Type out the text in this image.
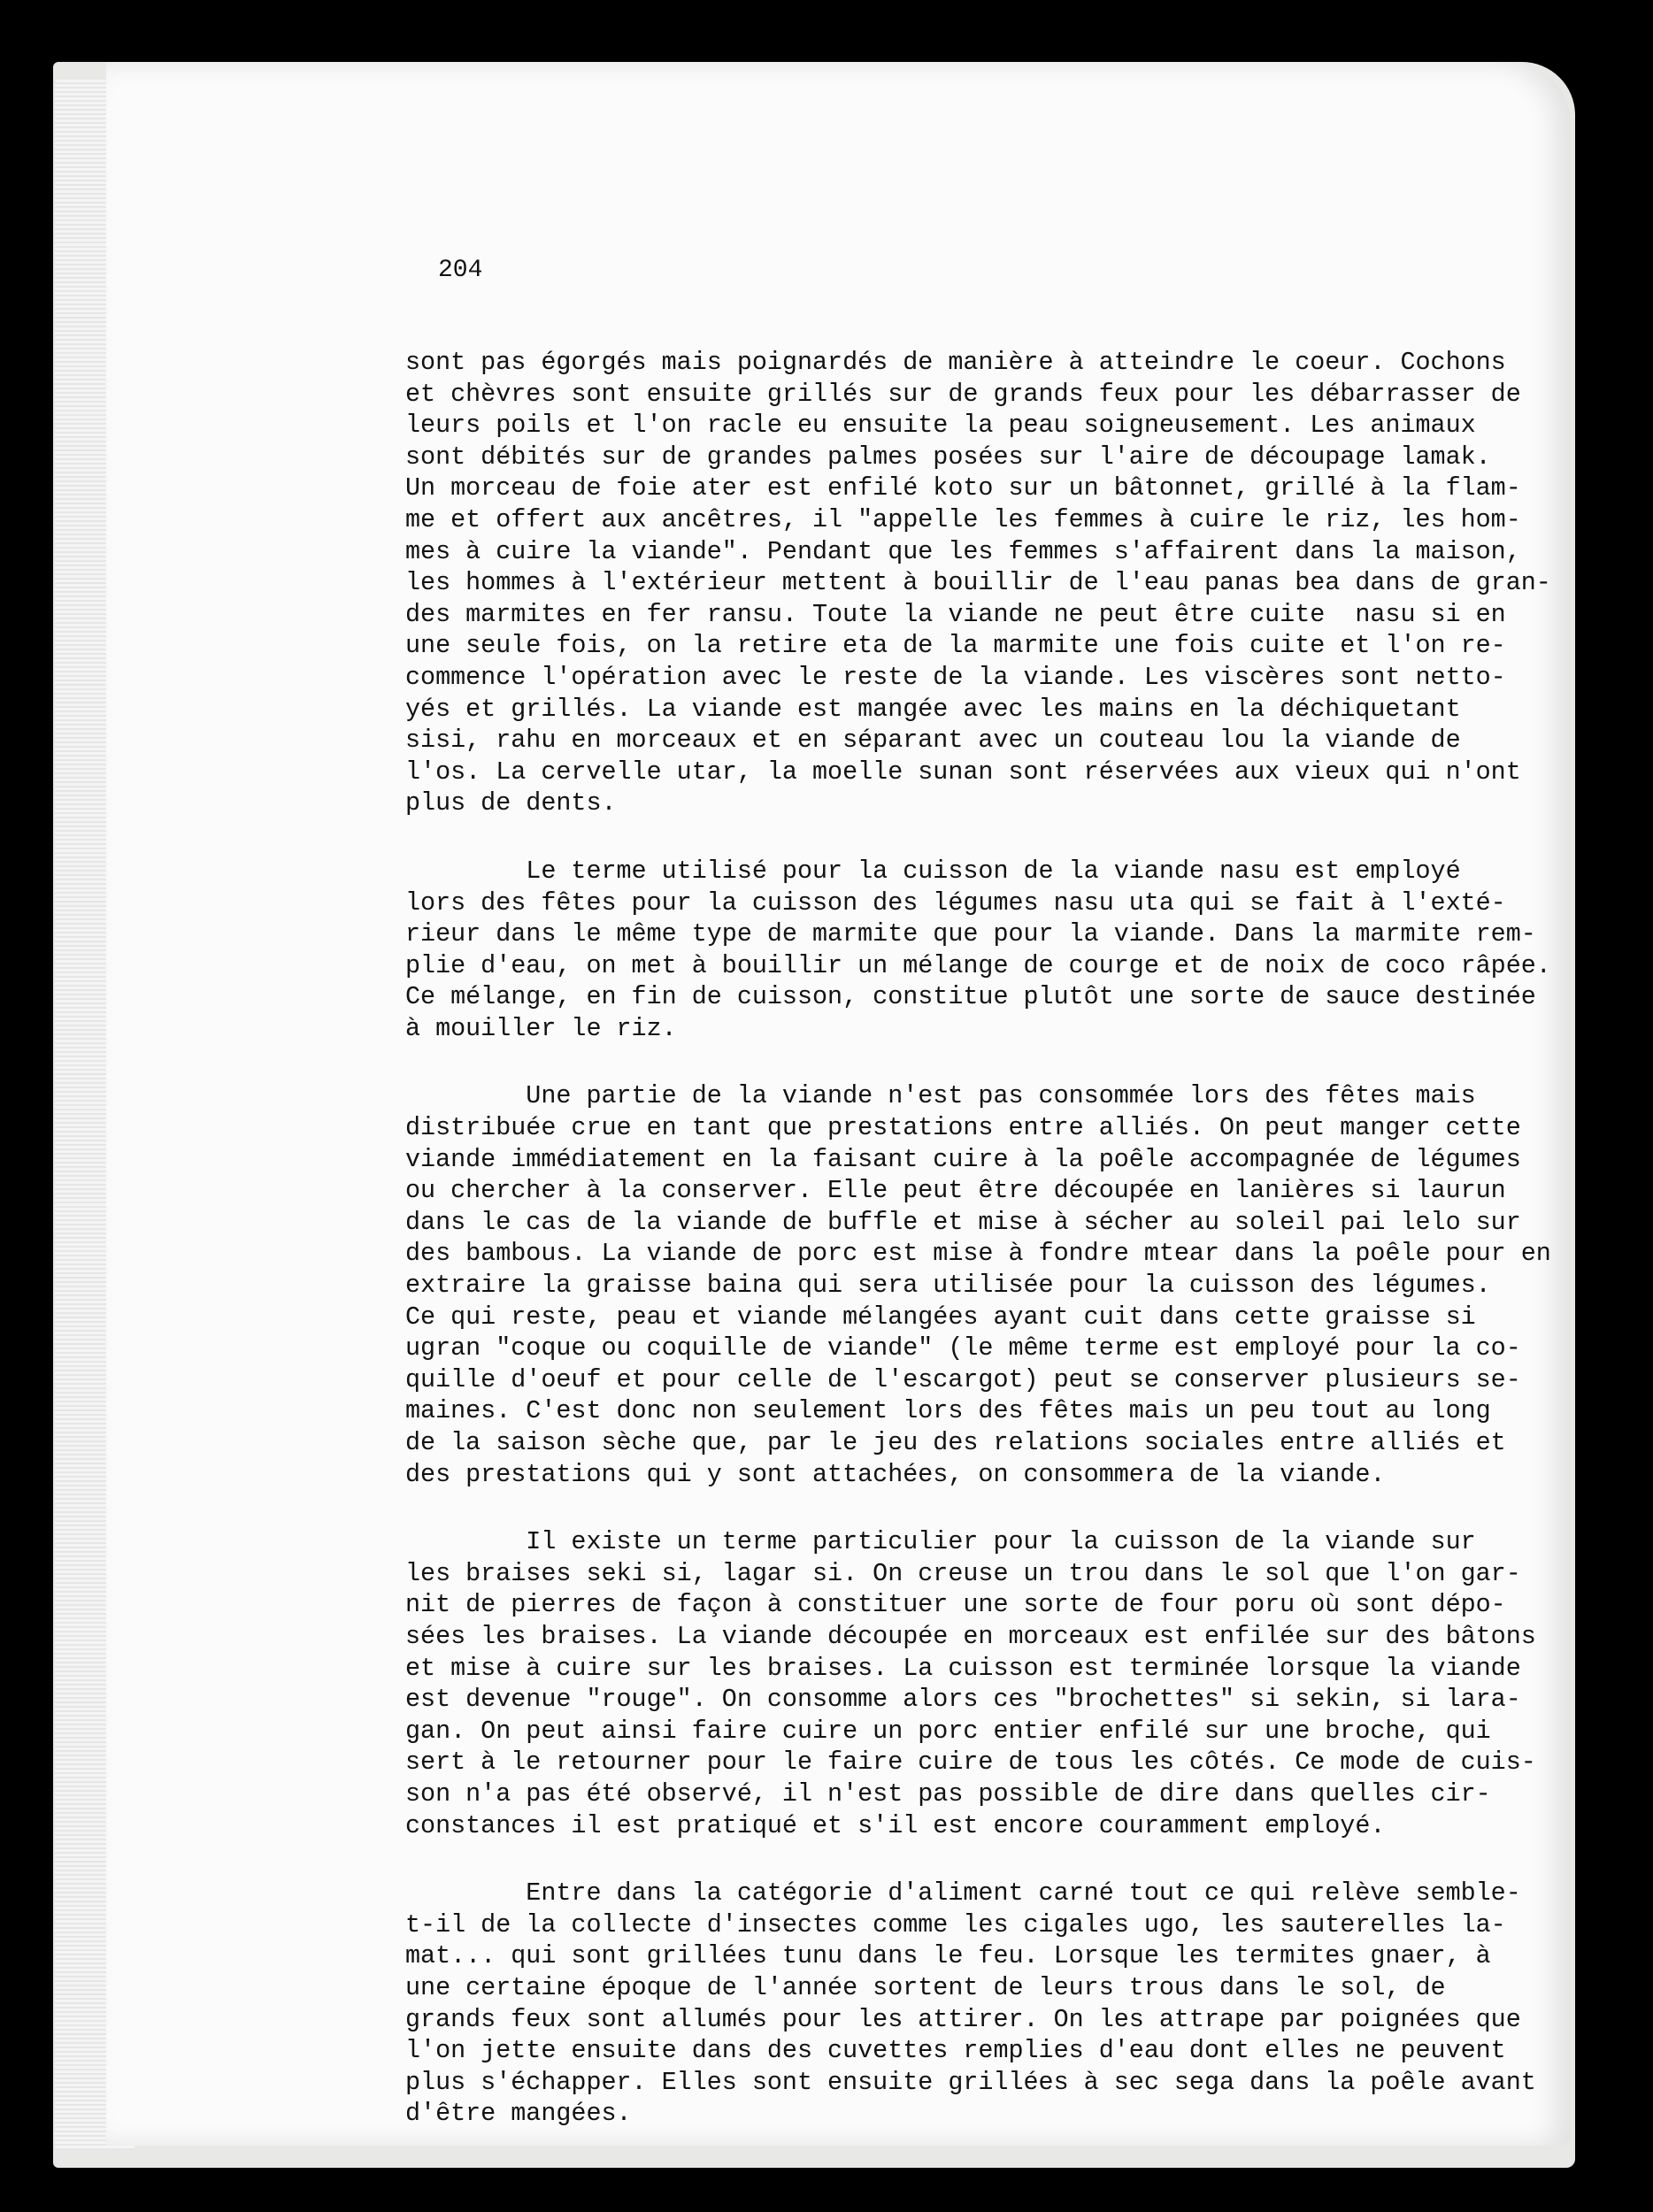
204
sont pas égorgés mais poignardés de manière à atteindre le coeur. Cochons
et chèvres sont ensuite grillés sur de grands feux pour les débarrasser de
leurs poils et l'on racle eu ensuite la peau soigneusement. Les animaux
sont débités sur de grandes palmes posées sur l'aire de découpage lamak.
Un morceau de foie ater est enfilé koto sur un bâtonnet, grillé à la flam-
me et offert aux ancêtres, il "appelle les femmes à cuire le riz, les hom-
mes à cuire la viande". Pendant que les femmes s'affairent dans la maison,
les hommes à l'extérieur mettent à bouillir de l'eau panas bea dans de gran-
des marmites en fer ransu. Toute la viande ne peut être cuite  nasu si en
une seule fois, on la retire eta de la marmite une fois cuite et l'on re-
commence l'opération avec le reste de la viande. Les viscères sont netto-
yés et grillés. La viande est mangée avec les mains en la déchiquetant
sisi, rahu en morceaux et en séparant avec un couteau lou la viande de
l'os. La cervelle utar, la moelle sunan sont réservées aux vieux qui n'ont
plus de dents.
Le terme utilisé pour la cuisson de la viande nasu est employé
lors des fêtes pour la cuisson des légumes nasu uta qui se fait à l'exté-
rieur dans le même type de marmite que pour la viande. Dans la marmite rem-
plie d'eau, on met à bouillir un mélange de courge et de noix de coco râpée.
Ce mélange, en fin de cuisson, constitue plutôt une sorte de sauce destinée
à mouiller le riz.
Une partie de la viande n'est pas consommée lors des fêtes mais
distribuée crue en tant que prestations entre alliés. On peut manger cette
viande immédiatement en la faisant cuire à la poêle accompagnée de légumes
ou chercher à la conserver. Elle peut être découpée en lanières si laurun
dans le cas de la viande de buffle et mise à sécher au soleil pai lelo sur
des bambous. La viande de porc est mise à fondre mtear dans la poêle pour en
extraire la graisse baina qui sera utilisée pour la cuisson des légumes.
Ce qui reste, peau et viande mélangées ayant cuit dans cette graisse si
ugran "coque ou coquille de viande" (le même terme est employé pour la co-
quille d'oeuf et pour celle de l'escargot) peut se conserver plusieurs se-
maines. C'est donc non seulement lors des fêtes mais un peu tout au long
de la saison sèche que, par le jeu des relations sociales entre alliés et
des prestations qui y sont attachées, on consommera de la viande.
Il existe un terme particulier pour la cuisson de la viande sur
les braises seki si, lagar si. On creuse un trou dans le sol que l'on gar-
nit de pierres de façon à constituer une sorte de four poru où sont dépo-
sées les braises. La viande découpée en morceaux est enfilée sur des bâtons
et mise à cuire sur les braises. La cuisson est terminée lorsque la viande
est devenue "rouge". On consomme alors ces "brochettes" si sekin, si lara-
gan. On peut ainsi faire cuire un porc entier enfilé sur une broche, qui
sert à le retourner pour le faire cuire de tous les côtés. Ce mode de cuis-
son n'a pas été observé, il n'est pas possible de dire dans quelles cir-
constances il est pratiqué et s'il est encore couramment employé.
Entre dans la catégorie d'aliment carné tout ce qui relève semble-
t-il de la collecte d'insectes comme les cigales ugo, les sauterelles la-
mat... qui sont grillées tunu dans le feu. Lorsque les termites gnaer, à
une certaine époque de l'année sortent de leurs trous dans le sol, de
grands feux sont allumés pour les attirer. On les attrape par poignées que
l'on jette ensuite dans des cuvettes remplies d'eau dont elles ne peuvent
plus s'échapper. Elles sont ensuite grillées à sec sega dans la poêle avant
d'être mangées.
